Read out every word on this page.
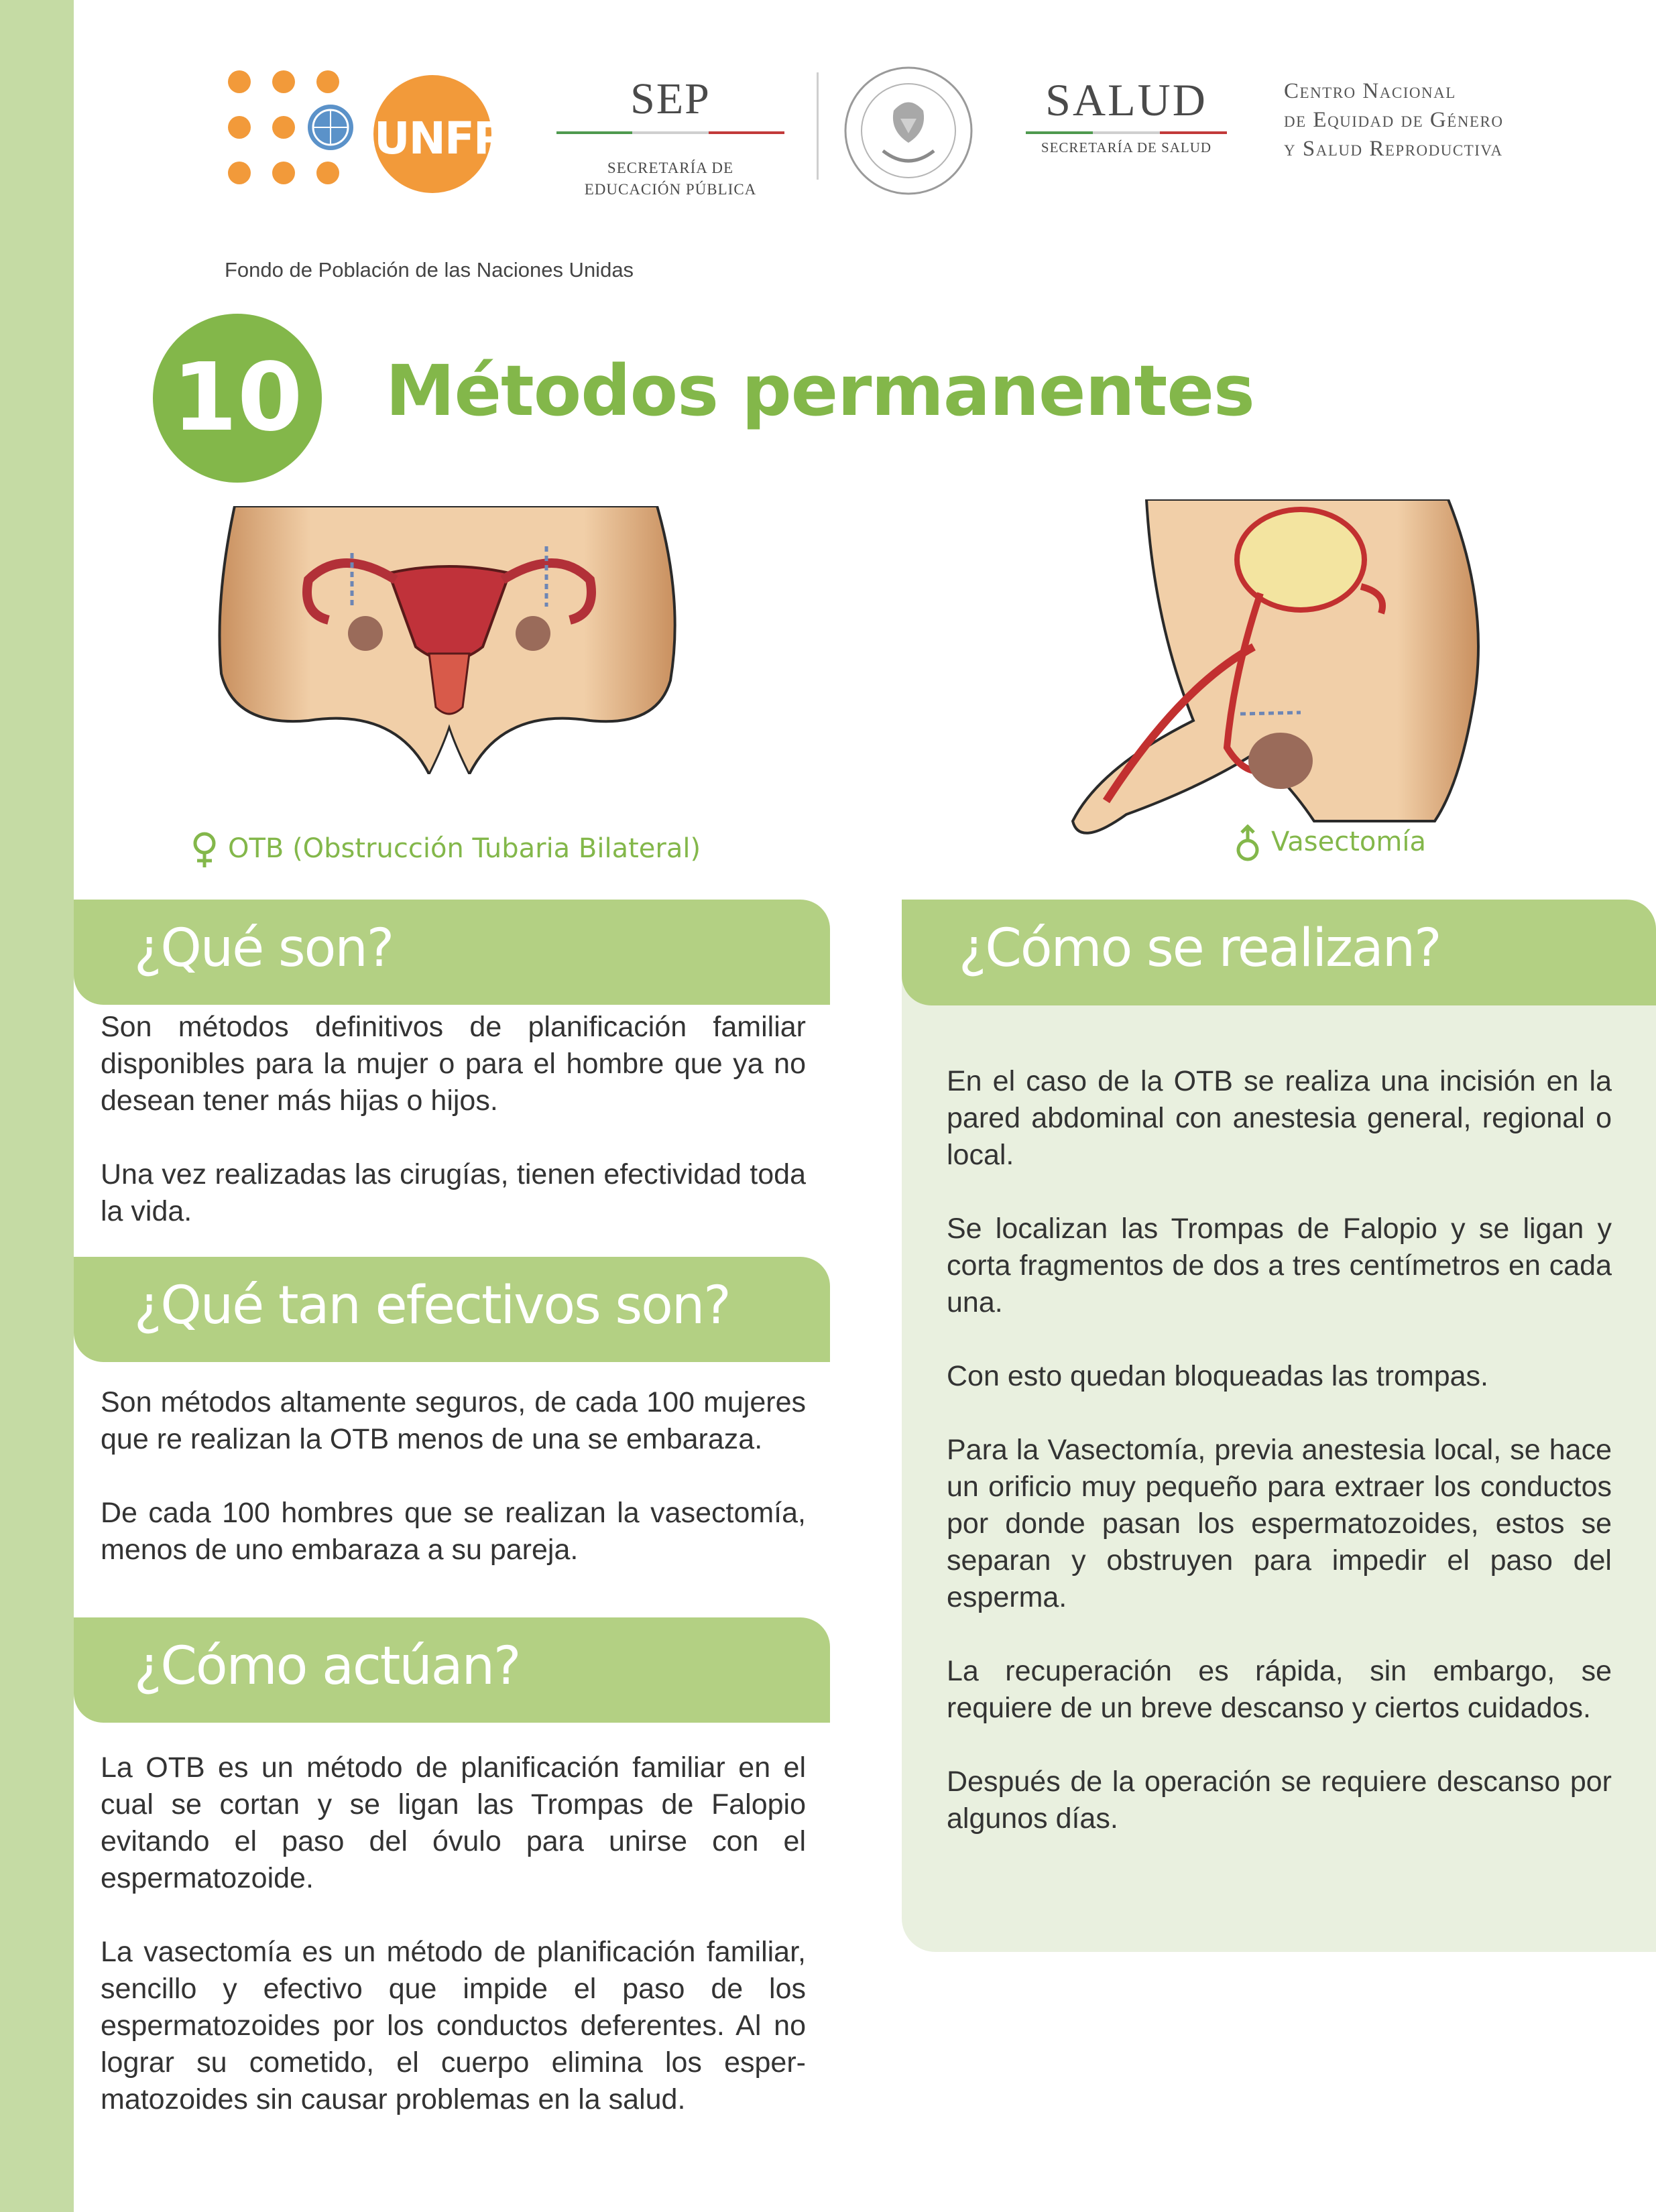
UNFPA
Fondo de Población de las Naciones Unidas
SEP
SECRETARÍA DE
EDUCACIÓN PÚBLICA
SALUD
SECRETARÍA DE SALUD
Centro Nacional
de Equidad de Género
y Salud Reproductiva
10 Métodos permanentes
OTB (Obstrucción Tubaria Bilateral)	Vasectomía
¿Qué son?
¿Qué tan efectivos son?
¿Cómo actúan?
¿Cómo se realizan?

Son métodos definitivos de planificación familiar disponibles para la mujer o para el hombre que ya no desean tener más hijas o hijos.

Una vez realizadas las cirugías, tienen efectividad toda la vida.

Son métodos altamente seguros, de cada 100 mujeres que re realizan la OTB menos de una se embaraza.

De cada 100 hombres que se realizan la vasectomía, menos de uno embaraza a su pareja.

La OTB es un método de planificación familiar en el cual se cortan y se ligan las Trompas de Falopio evitando el paso del óvulo para unirse con el espermatozoide.

La vasectomía es un método de planificación familiar, sencillo y efectivo que impide el paso de los espermatozoides por los conductos deferentes. Al no lograr su cometido, el cuerpo elimina los espermatozoides sin causar problemas en la salud.

En el caso de la OTB se realiza una incisión en la pared abdominal con anestesia general, regional o local.

Se localizan las Trompas de Falopio y se ligan y corta fragmentos de dos a tres centímetros en cada una.

Con esto quedan bloqueadas las trompas.

Para la Vasectomía, previa anestesia local, se hace un orificio muy pequeño para extraer los conductos por donde pasan los espermatozoides, estos se separan y obstruyen para impedir el paso del esperma.

La recuperación es rápida, sin embargo, se requiere de un breve descanso y ciertos cuidados.

Después de la operación se requiere descanso por algunos días.
